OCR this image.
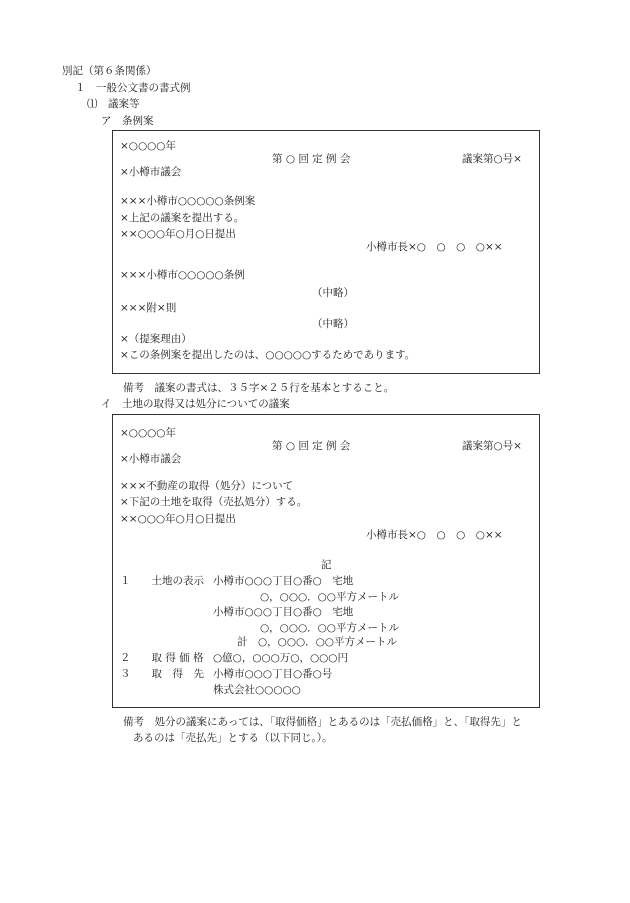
別記（第６条関係）
１　一般公文書の書式例
⑴　議案等
ア　条例案
×○○○○年
第 ○ 回 定 例 会	議案第○号×
×小樽市議会
×××小樽市○○○○○条例案
×上記の議案を提出する。
××○○○年○月○日提出
小樽市長×○　○　○　○××
×××小樽市○○○○○条例
（中略）
×××附×則
（中略）
×（提案理由）
×この条例案を提出したのは、○○○○○するためであります。
備考　議案の書式は、３５字×２５行を基本とすること。
イ　土地の取得又は処分についての議案
×○○○○年
第 ○ 回 定 例 会	議案第○号×
×小樽市議会
×××不動産の取得（処分）について
×下記の土地を取得（売払処分）する。
××○○○年○月○日提出
小樽市長×○　○　○　○××
記
１　　土地の表示 小樽市○○○丁目○番○　宅地
○，○○○．○○平方メートル
小樽市○○○丁目○番○　宅地
○，○○○．○○平方メートル
計　○，○○○．○○平方メートル
２　　取 得 価 格 ○億○，○○○万○，○○○円
３　　取　得　先 小樽市○○○丁目○番○号
株式会社○○○○○
備考　処分の議案にあっては、「取得価格」とあるのは「売払価格」と、「取得先」と
あるのは「売払先」とする（以下同じ。）。
